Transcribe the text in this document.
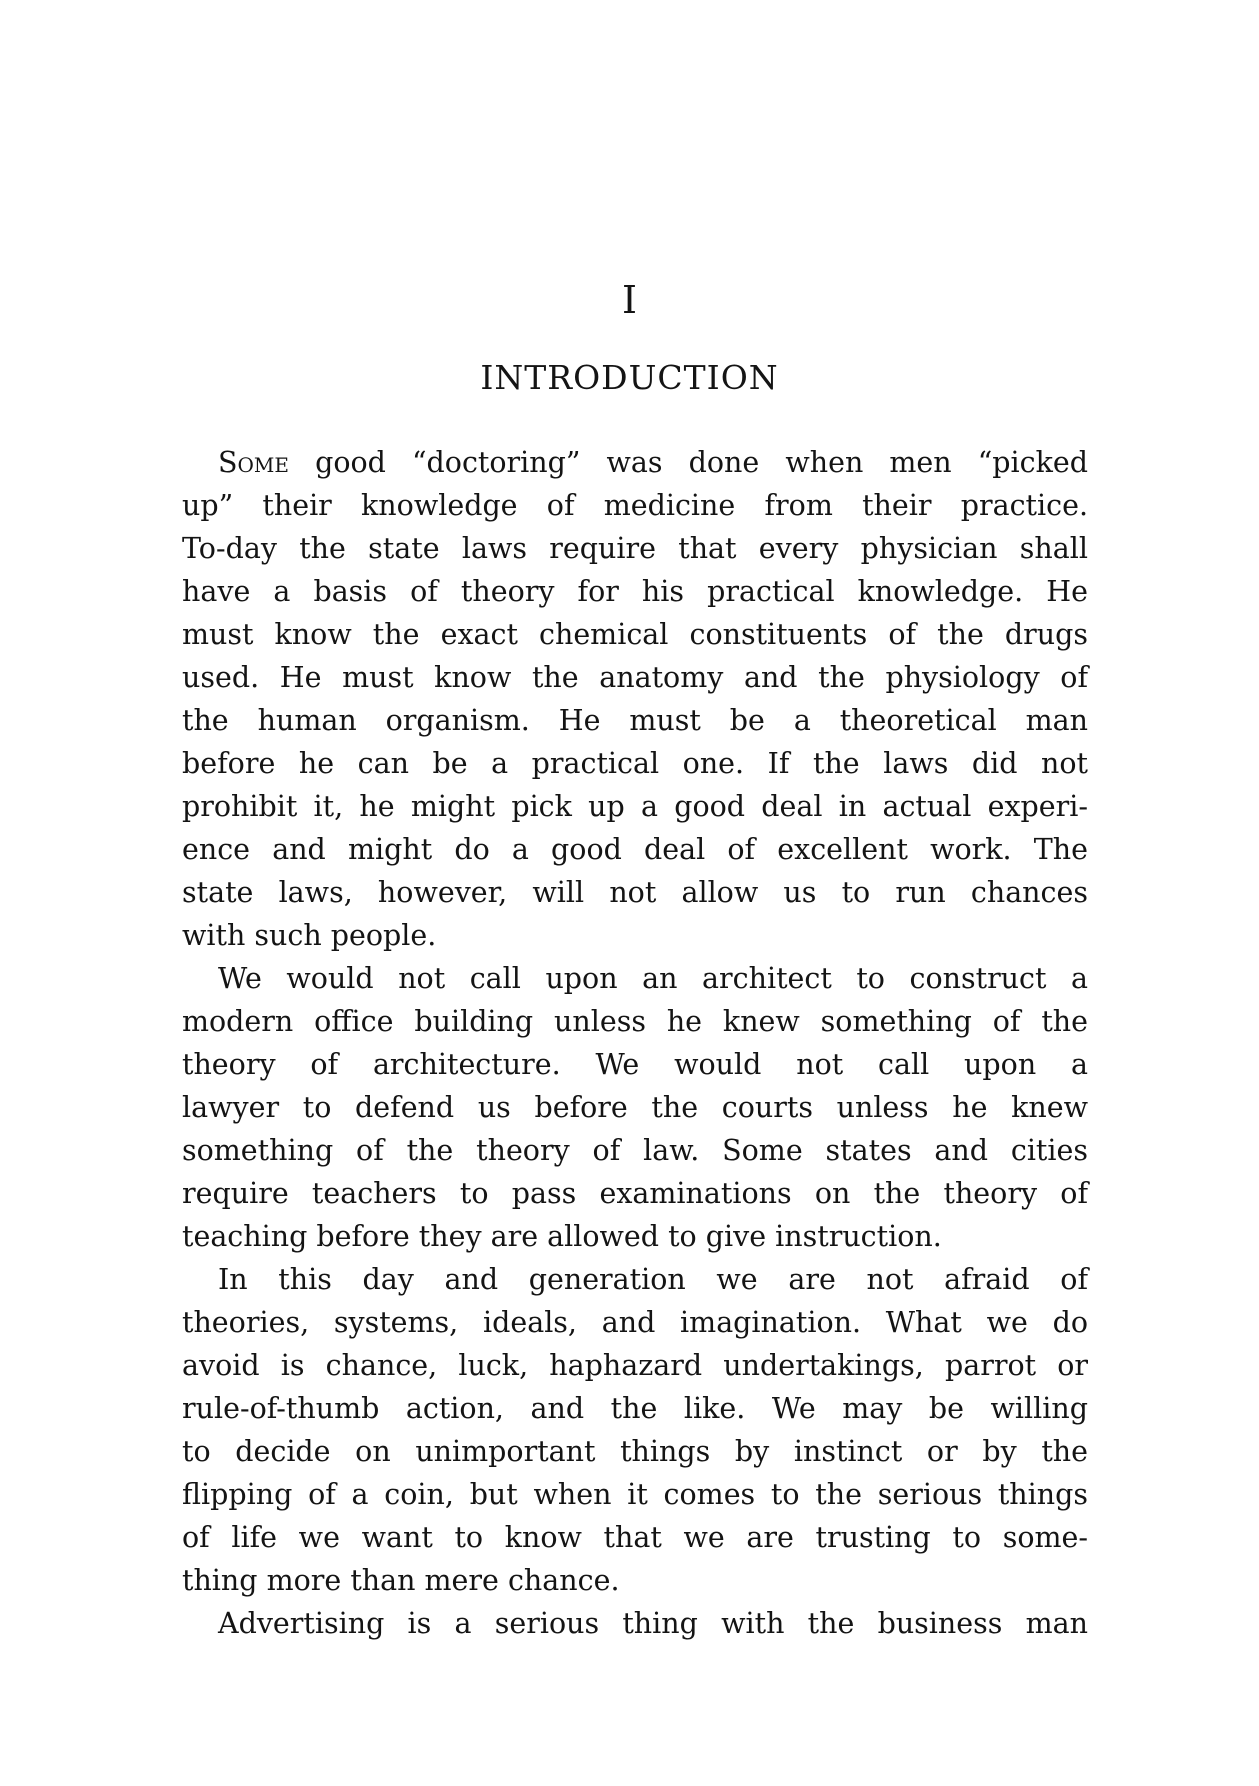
I
INTRODUCTION
Some good “doctoring” was done when men “picked
up” their knowledge of medicine from their practice.
To-day the state laws require that every physician shall
have a basis of theory for his practical knowledge. He
must know the exact chemical constituents of the drugs
used. He must know the anatomy and the physiology of
the human organism. He must be a theoretical man
before he can be a practical one. If the laws did not
prohibit it, he might pick up a good deal in actual experi-
ence and might do a good deal of excellent work. The
state laws, however, will not allow us to run chances
with such people.
We would not call upon an architect to construct a
modern office building unless he knew something of the
theory of architecture. We would not call upon a
lawyer to defend us before the courts unless he knew
something of the theory of law. Some states and cities
require teachers to pass examinations on the theory of
teaching before they are allowed to give instruction.
In this day and generation we are not afraid of
theories, systems, ideals, and imagination. What we do
avoid is chance, luck, haphazard undertakings, parrot or
rule-of-thumb action, and the like. We may be willing
to decide on unimportant things by instinct or by the
flipping of a coin, but when it comes to the serious things
of life we want to know that we are trusting to some-
thing more than mere chance.
Advertising is a serious thing with the business man
